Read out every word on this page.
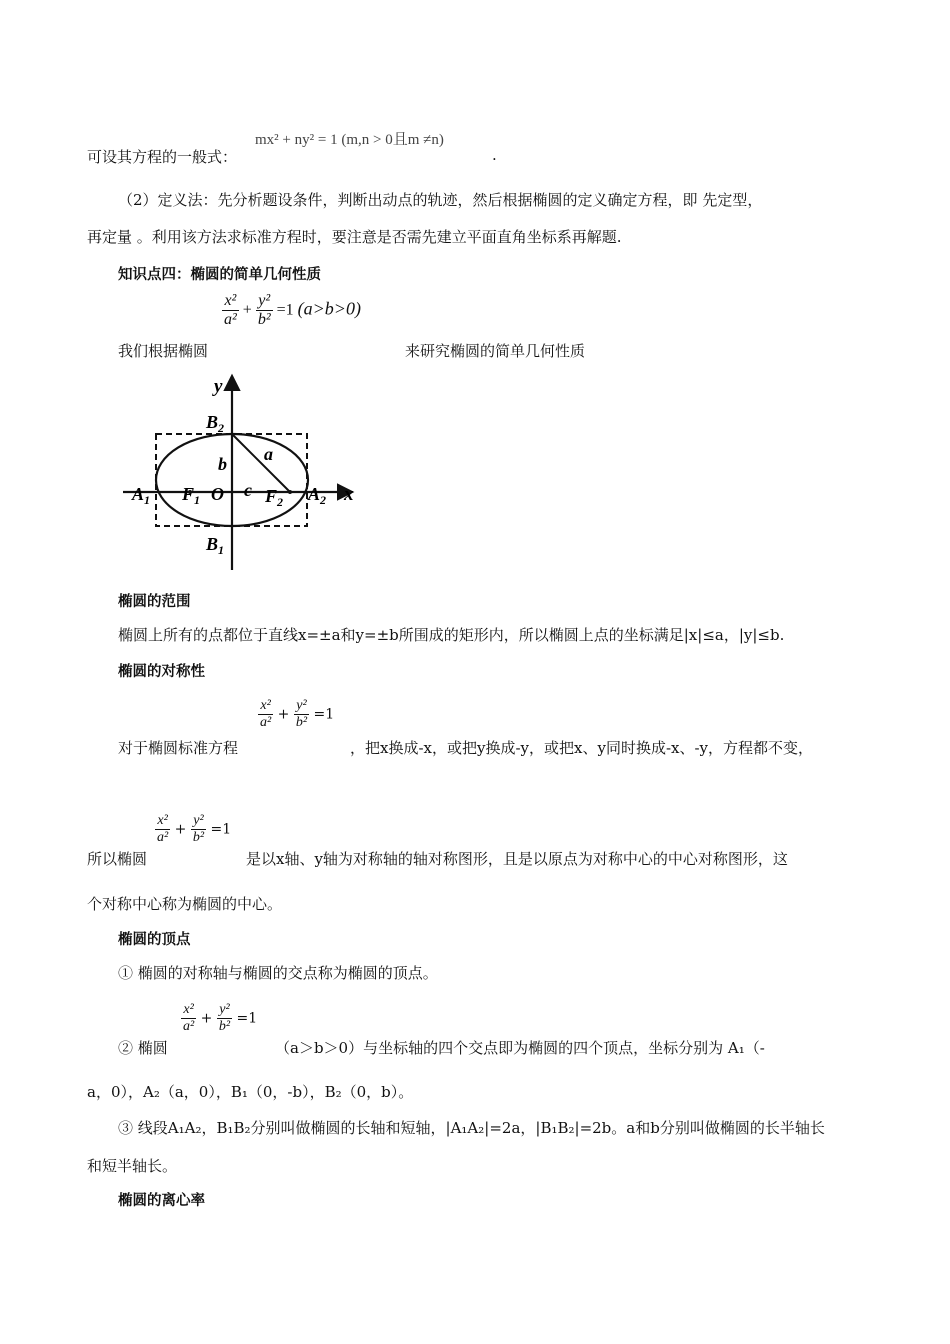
mx² + ny² = 1 (m,n > 0且m ≠n)
可设其方程的一般式：	.
（2）定义法：先分析题设条件，判断出动点的轨迹，然后根据椭圆的定义确定方程，即 先定型，
再定量 。利用该方法求标准方程时，要注意是否需先建立平面直角坐标系再解题.
知识点四：椭圆的简单几何性质
我们根据椭圆
$\frac{\text{x²}}{\text{a²}} + \frac{\text{y²}}{\text{b²}} =1$ (a>b>0)
来研究椭圆的简单几何性质
y
x
$B_2$
$B_1$
$A_1$	$A_2$
$F_1$	$F_2$
O
b a
c
椭圆的范围
椭圆上所有的点都位于直线x=±a和y=±b所围成的矩形内，所以椭圆上点的坐标满足|x|≤a，|y|≤b.
椭圆的对称性
对于椭圆标准方程
$\frac{\text{x²}}{\text{a²}} + \frac{\text{y²}}{\text{b²}} =1$
，把x换成-x，或把y换成-y，或把x、y同时换成-x、-y，方程都不变，
所以椭圆
$\frac{\text{x²}}{\text{a²}} + \frac{\text{y²}}{\text{b²}} =1$
是以x轴、y轴为对称轴的轴对称图形，且是以原点为对称中心的中心对称图形，这
个对称中心称为椭圆的中心。
椭圆的顶点
① 椭圆的对称轴与椭圆的交点称为椭圆的顶点。
② 椭圆
$\frac{\text{x²}}{\text{a²}} + \frac{\text{y²}}{\text{b²}} =1$
（a＞b＞0）与坐标轴的四个交点即为椭圆的四个顶点，坐标分别为 A₁（-
a，0），A₂（a，0），B₁（0，-b），B₂（0，b）。
③ 线段A₁A₂，B₁B₂分别叫做椭圆的长轴和短轴，|A₁A₂|=2a，|B₁B₂|=2b。a和b分别叫做椭圆的长半轴长
和短半轴长。
椭圆的离心率
